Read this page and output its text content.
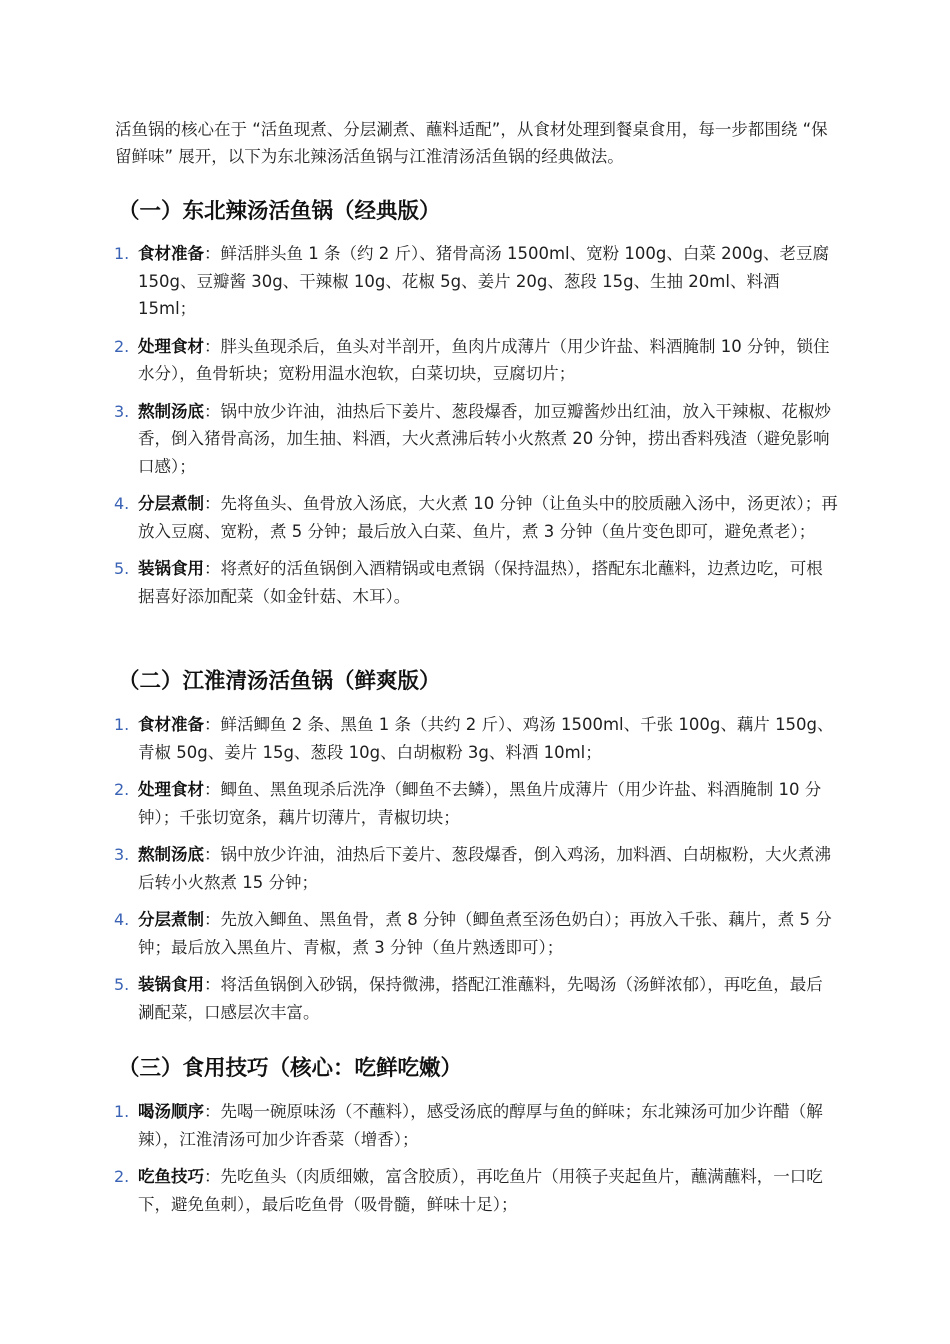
活鱼锅的核心在于 “活鱼现煮、分层涮煮、蘸料适配”，从食材处理到餐桌食用，每一步都围绕 “保留鲜味” 展开，以下为东北辣汤活鱼锅与江淮清汤活鱼锅的经典做法。

（一）东北辣汤活鱼锅（经典版）
1. 食材准备：鲜活胖头鱼 1 条（约 2 斤）、猪骨高汤 1500ml、宽粉 100g、白菜 200g、老豆腐 150g、豆瓣酱 30g、干辣椒 10g、花椒 5g、姜片 20g、葱段 15g、生抽 20ml、料酒 15ml；
2. 处理食材：胖头鱼现杀后，鱼头对半剖开，鱼肉片成薄片（用少许盐、料酒腌制 10 分钟，锁住水分），鱼骨斩块；宽粉用温水泡软，白菜切块，豆腐切片；
3. 熬制汤底：锅中放少许油，油热后下姜片、葱段爆香，加豆瓣酱炒出红油，放入干辣椒、花椒炒香，倒入猪骨高汤，加生抽、料酒，大火煮沸后转小火熬煮 20 分钟，捞出香料残渣（避免影响口感）；
4. 分层煮制：先将鱼头、鱼骨放入汤底，大火煮 10 分钟（让鱼头中的胶质融入汤中，汤更浓）；再放入豆腐、宽粉，煮 5 分钟；最后放入白菜、鱼片，煮 3 分钟（鱼片变色即可，避免煮老）；
5. 装锅食用：将煮好的活鱼锅倒入酒精锅或电煮锅（保持温热），搭配东北蘸料，边煮边吃，可根据喜好添加配菜（如金针菇、木耳）。
（二）江淮清汤活鱼锅（鲜爽版）
1. 食材准备：鲜活鲫鱼 2 条、黑鱼 1 条（共约 2 斤）、鸡汤 1500ml、千张 100g、藕片 150g、青椒 50g、姜片 15g、葱段 10g、白胡椒粉 3g、料酒 10ml；
2. 处理食材：鲫鱼、黑鱼现杀后洗净（鲫鱼不去鳞），黑鱼片成薄片（用少许盐、料酒腌制 10 分钟）；千张切宽条，藕片切薄片，青椒切块；
3. 熬制汤底：锅中放少许油，油热后下姜片、葱段爆香，倒入鸡汤，加料酒、白胡椒粉，大火煮沸后转小火熬煮 15 分钟；
4. 分层煮制：先放入鲫鱼、黑鱼骨，煮 8 分钟（鲫鱼煮至汤色奶白）；再放入千张、藕片，煮 5 分钟；最后放入黑鱼片、青椒，煮 3 分钟（鱼片熟透即可）；
5. 装锅食用：将活鱼锅倒入砂锅，保持微沸，搭配江淮蘸料，先喝汤（汤鲜浓郁），再吃鱼，最后涮配菜，口感层次丰富。
（三）食用技巧（核心：吃鲜吃嫩）
1. 喝汤顺序：先喝一碗原味汤（不蘸料），感受汤底的醇厚与鱼的鲜味；东北辣汤可加少许醋（解辣），江淮清汤可加少许香菜（增香）；
2. 吃鱼技巧：先吃鱼头（肉质细嫩，富含胶质），再吃鱼片（用筷子夹起鱼片，蘸满蘸料，一口吃下，避免鱼刺），最后吃鱼骨（吸骨髓，鲜味十足）；
